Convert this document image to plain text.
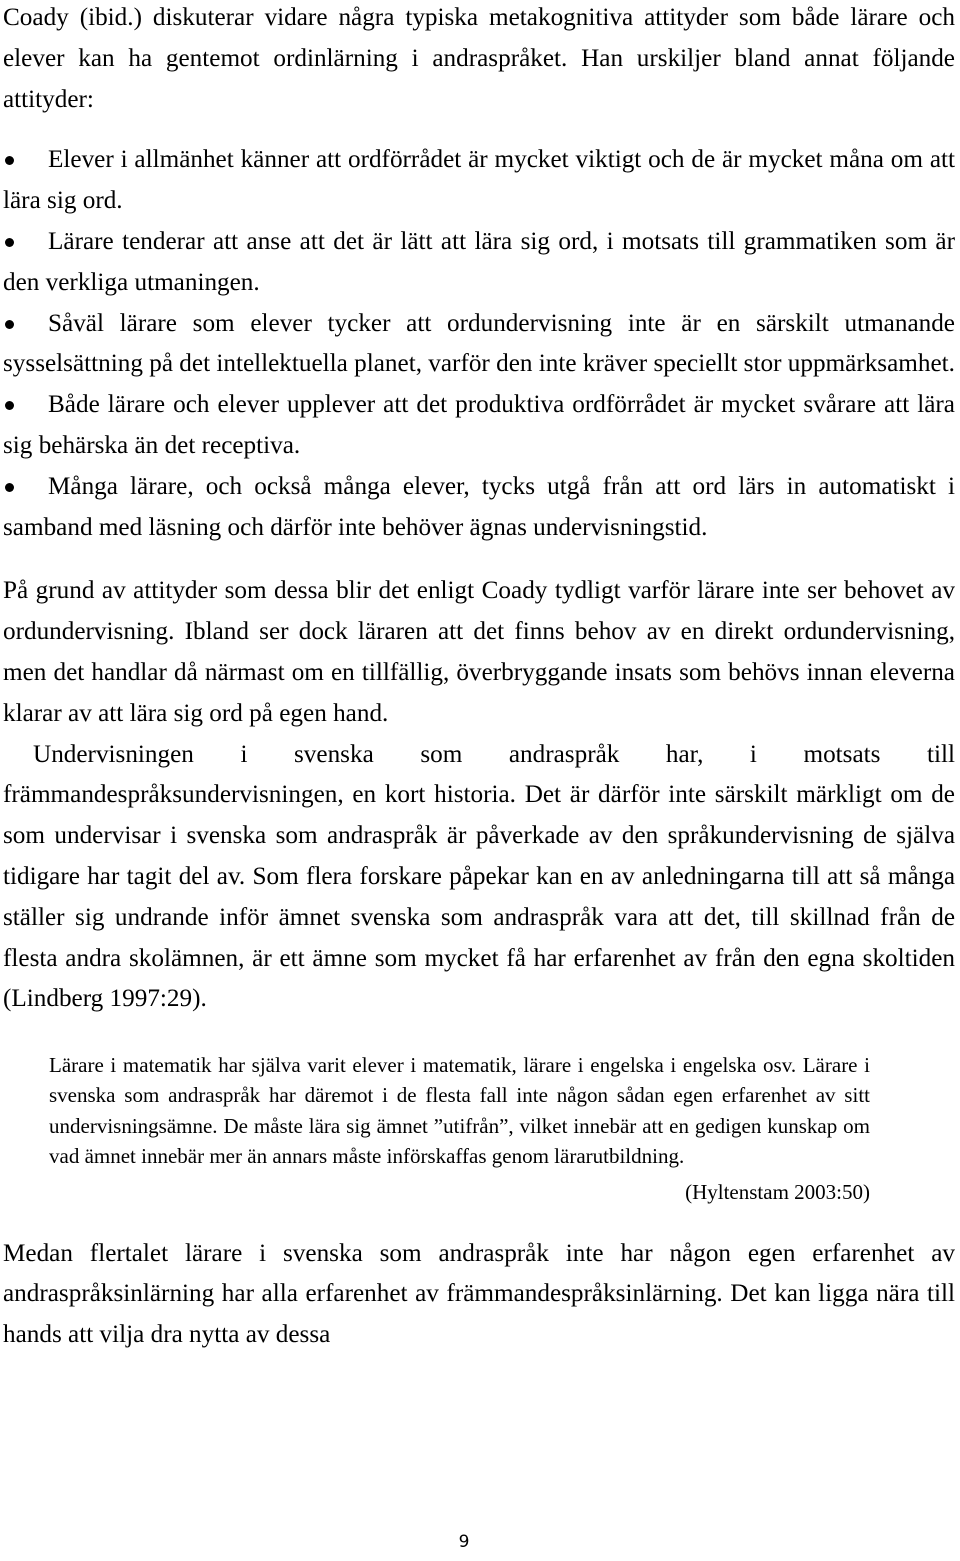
Coady (ibid.) diskuterar vidare några typiska metakognitiva attityder som både lärare och elever kan ha gentemot ordinlärning i andraspråket. Han urskiljer bland annat följande attityder:

Elever i allmänhet känner att ordförrådet är mycket viktigt och de är mycket måna om att lära sig ord.
Lärare tenderar att anse att det är lätt att lära sig ord, i motsats till grammatiken som är den verkliga utmaningen.
Såväl lärare som elever tycker att ordundervisning inte är en särskilt utmanande sysselsättning på det intellektuella planet, varför den inte kräver speciellt stor uppmärksamhet.
Både lärare och elever upplever att det produktiva ordförrådet är mycket svårare att lära sig behärska än det receptiva.
Många lärare, och också många elever, tycks utgå från att ord lärs in automatiskt i samband med läsning och därför inte behöver ägnas undervisningstid.

På grund av attityder som dessa blir det enligt Coady tydligt varför lärare inte ser behovet av ordundervisning. Ibland ser dock läraren att det finns behov av en direkt ordundervisning, men det handlar då närmast om en tillfällig, överbryggande insats som behövs innan eleverna klarar av att lära sig ord på egen hand.

Undervisningen i svenska som andraspråk har, i motsats till främmandespråksundervisningen, en kort historia. Det är därför inte särskilt märkligt om de som undervisar i svenska som andraspråk är påverkade av den språkundervisning de själva tidigare har tagit del av. Som flera forskare påpekar kan en av anledningarna till att så många ställer sig undrande inför ämnet svenska som andraspråk vara att det, till skillnad från de flesta andra skolämnen, är ett ämne som mycket få har erfarenhet av från den egna skoltiden (Lindberg 1997:29).

Lärare i matematik har själva varit elever i matematik, lärare i engelska i engelska osv. Lärare i svenska som andraspråk har däremot i de flesta fall inte någon sådan egen erfarenhet av sitt undervisningsämne. De måste lära sig ämnet ”utifrån”, vilket innebär att en gedigen kunskap om vad ämnet innebär mer än annars måste införskaffas genom lärarutbildning.

(Hyltenstam 2003:50)

Medan flertalet lärare i svenska som andraspråk inte har någon egen erfarenhet av andraspråksinlärning har alla erfarenhet av främmandespråksinlärning. Det kan ligga nära till hands att vilja dra nytta av dessa

9
